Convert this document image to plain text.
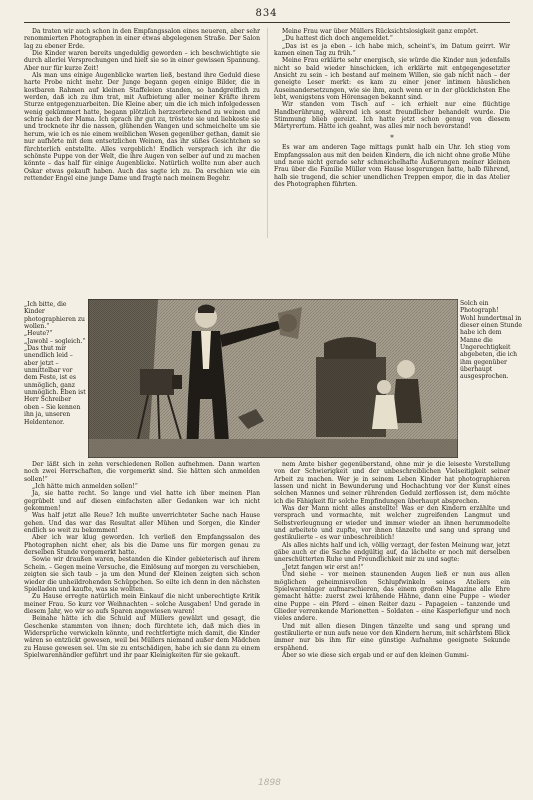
834

Da traten wir auch schon in den Empfangssalon eines neueren, aber sehr renommierten Photographen in einer etwas abgelegenen Straße. Der Salon lag zu ebener Erde.

Die Kinder waren bereits ungeduldig geworden – ich beschwichtigte sie durch allerlei Versprechungen und hielt sie so in einer gewissen Spannung. Aber nur für kurze Zeit!

Als man uns einige Augenblicke warten ließ, bestand ihre Geduld diese harte Probe nicht mehr. Der Junge begann gegen einige Bilder, die in kostbaren Rahmen auf kleinen Staffeleien standen, so handgreiflich zu werden, daß ich zu ihm trat, mit Aufbietung aller meiner Kräfte ihrem Sturze entgegenzuarbeiten. Die Kleine aber, um die ich mich infolgedessen wenig gekümmert hatte, begann plötzlich herzzerbrechend zu weinen und schrie nach der Mama. Ich sprach ihr gut zu, tröstete sie und liebkoste sie und trocknete ihr die nassen, glühenden Wangen und schmeichelte um sie herum, wie ich es nie einem weiblichen Wesen gegenüber gethan, damit sie nur aufhörte mit dem entsetzlichen Weinen, das ihr süßes Gesichtchen so fürchterlich entstellte. Alles vergeblich! Endlich versprach ich ihr die schönste Puppe von der Welt, die ihre Augen von selber auf und zu machen könnte – das half für einige Augenblicke. Natürlich wollte nun aber auch Oskar etwas gekauft haben. Auch das sagte ich zu. Da erschien wie ein rettender Engel eine junge Dame und fragte nach meinem Begehr.

Meine Frau war über Müllers Rücksichtslosigkeit ganz empört.

„Du hattest dich doch angemeldet.“

„Das ist es ja eben – ich habe mich, scheint's, im Datum geirrt. Wir kamen einen Tag zu früh.“

Meine Frau erklärte sehr energisch, sie würde die Kinder nun jedenfalls nicht so bald wieder hinschicken, ich erklärte mit entgegengesetzter Ansicht zu sein – ich bestand auf meinem Willen, sie gab nicht nach – der geneigte Leser merkt: es kam zu einer jener intimen häuslichen Auseinandersetzungen, wie sie ihm, auch wenn er in der glücklichsten Ehe lebt, wenigstens vom Hörensagen bekannt sind.

Wir standen vom Tisch auf – ich erhielt nur eine flüchtige Handberührung, während ich sonst freundlicher behandelt wurde. Die Stimmung blieb gereizt. Ich hatte jetzt schon genug von diesem Märtyrertum. Hätte ich geahnt, was alles mir noch bevorstand!

*

Es war am anderen Tage mittags punkt halb ein Uhr. Ich stieg vom Empfangssalon aus mit den beiden Kindern, die ich nicht ohne große Mühe und neue nicht gerade sehr schmeichelhafte Äußerungen meiner kleinen Frau über die Familie Müller vom Hause losgerungen hatte, halb führend, halb sie tragend, die schier unendlichen Treppen empor, die in das Atelier des Photographen führten.

„Ich bitte, die Kinder photographieren zu wollen.“

„Heute?“

„Jawohl – sogleich.“

„Das thut mir unendlich leid – aber jetzt – unmittelbar vor dem Feste, ist es unmöglich, ganz unmöglich. Eben ist Herr Schreiber oben – Sie kennen ihn ja, unseren Heldentenor.

Solch ein Photograph!

Wohl hundertmal in dieser einen Stunde habe ich dem Manne die Ungerechtigkeit abgebeten, die ich ihm gegenüber überhaupt ausgesprochen.

Der läßt sich in zehn verschiedenen Rollen aufnehmen. Dann warten noch zwei Herrschaften, die vorgemerkt sind. Sie hätten sich anmelden sollen!“

„Ich hätte mich anmelden sollen!“

Ja, sie hatte recht. So lange und viel hatte ich über meinen Plan gegrübelt und auf diesen einfachsten aller Gedanken war ich nicht gekommen!

Was half jetzt alle Reue? Ich mußte unverrichteter Sache nach Hause gehen. Und das war das Resultat aller Mühen und Sorgen, die Kinder endlich so weit zu bekommen!

Aber ich war klug geworden. Ich verließ den Empfangssalon des Photographen nicht eher, als bis die Dame uns für morgen genau zu derselben Stunde vorgemerkt hatte.

Sowie wir draußen waren, bestanden die Kinder gebieterisch auf ihrem Schein. – Gegen meine Versuche, die Einlösung auf morgen zu verschieben, zeigten sie sich taub – ja um den Mund der Kleinen zeigten sich schon wieder die unheildrohenden Schüppchen. So eilte ich denn in den nächsten Spielladen und kaufte, was sie wollten.

Zu Hause erregte natürlich mein Einkauf die nicht unberechtigte Kritik meiner Frau. So kurz vor Weihnachten – solche Ausgaben! Und gerade in diesem Jahr, wo wir so aufs Sparen angewiesen waren!

Beinahe hätte ich die Schuld auf Müllers gewälzt und gesagt, die Geschenke stammten von ihnen; doch fürchtete ich, daß mich dies in Widersprüche verwickeln könnte, und rechtfertigte mich damit, die Kinder wären so entzückt gewesen, weil bei Müllers niemand außer dem Mädchen zu Hause gewesen sei. Um sie zu entschädigen, habe ich sie dann zu einem Spielwarenhändler geführt und ihr paar Kleinigkeiten für sie gekauft.

nem Amte bisher gegenüberstand, ohne mir je die leiseste Vorstellung von der Schwierigkeit und der unbeschreiblichen Vielseitigkeit seiner Arbeit zu machen. Wer je in seinem Leben Kinder hat photographieren lassen und nicht in Bewunderung und Hochachtung vor der Kunst eines solchen Mannes und seiner rührenden Geduld zerflossen ist, dem möchte ich die Fähigkeit für solche Empfindungen überhaupt absprechen.

Was der Mann nicht alles anstellte! Was er den Kindern erzählte und versprach und vormachte, mit welcher zugreifenden Langmut und Selbstverleugnung er wieder und immer wieder an ihnen herummodelte und arbeitete und zupfte, vor ihnen tänzelte und sang und sprang und gestikulierte – es war unbeschreiblich!

Als alles nichts half und ich, völlig verzagt, der festen Meinung war, jetzt gäbe auch er die Sache endgültig auf, da lächelte er noch mit derselben unerschütterten Ruhe und Freundlichkeit mir zu und sagte:

„Jetzt fangen wir erst an!“

Und siehe – vor meinen staunenden Augen ließ er nun aus allen möglichen geheimnisvollen Schlupfwinkeln seines Ateliers ein Spielwarenlager aufmarschieren, das einem großen Magazine alle Ehre gemacht hätte: zuerst zwei krähende Hähne, dann eine Puppe – wieder eine Puppe – ein Pferd – einen Reiter dazu – Papageien – tanzende und Glieder verrenkende Marionetten – Soldaten – eine Kasperlefigur und noch vieles andere.

Und mit allen diesen Dingen tänzelte und sang und sprang und gestikulierte er nun aufs neue vor den Kindern herum, mit schärfstem Blick immer nur bis ihm für eine günstige Aufnahme geeignete Sekunde erspähend.

Aber so wie diese sich ergab und er auf den kleinen Gummi-

1898
